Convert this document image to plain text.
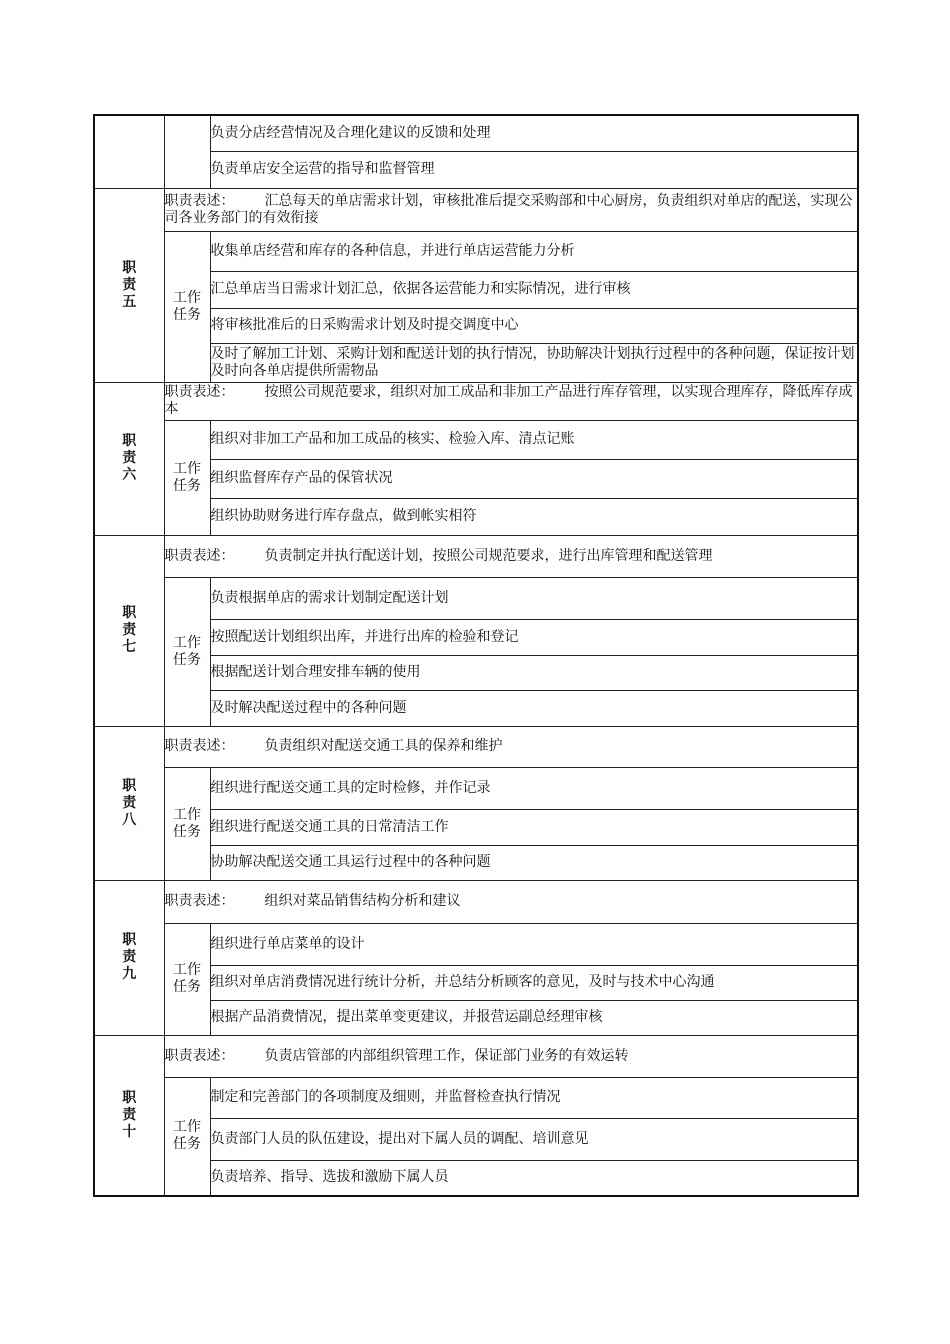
		负责分店经营情况及合理化建议的反馈和处理
		负责单店安全运营的指导和监督管理

职
责
五	职责表述： 汇总每天的单店需求计划，审核批准后提交采购部和中心厨房，负责组织对单店的配送，实现公司各业务部门的有效衔接	

	工作
任务	收集单店经营和库存的各种信息，并进行单店运营能力分析
		汇总单店当日需求计划汇总，依据各运营能力和实际情况，进行审核
		将审核批准后的日采购需求计划及时提交调度中心
		及时了解加工计划、采购计划和配送计划的执行情况，协助解决计划执行过程中的各种问题，保证按计划及时向各单店提供所需物品

职
责
六	职责表述： 按照公司规范要求，组织对加工成品和非加工产品进行库存管理，以实现合理库存，降低库存成本	

	工作
任务	组织对非加工产品和加工成品的核实、检验入库、清点记账
		组织监督库存产品的保管状况
		组织协助财务进行库存盘点，做到帐实相符

职
责
七	职责表述： 负责制定并执行配送计划，按照公司规范要求，进行出库管理和配送管理	

	工作
任务	负责根据单店的需求计划制定配送计划
		按照配送计划组织出库，并进行出库的检验和登记
		根据配送计划合理安排车辆的使用
		及时解决配送过程中的各种问题

职
责
八	职责表述： 负责组织对配送交通工具的保养和维护	

	工作
任务	组织进行配送交通工具的定时检修，并作记录
		组织进行配送交通工具的日常清洁工作
		协助解决配送交通工具运行过程中的各种问题

职
责
九	职责表述： 组织对菜品销售结构分析和建议	

	工作
任务	组织进行单店菜单的设计
		组织对单店消费情况进行统计分析，并总结分析顾客的意见，及时与技术中心沟通
		根据产品消费情况，提出菜单变更建议，并报营运副总经理审核

职
责
十	职责表述： 负责店管部的内部组织管理工作，保证部门业务的有效运转	

	工作
任务	制定和完善部门的各项制度及细则，并监督检查执行情况
		负责部门人员的队伍建设，提出对下属人员的调配、培训意见
		负责培养、指导、选拔和激励下属人员
